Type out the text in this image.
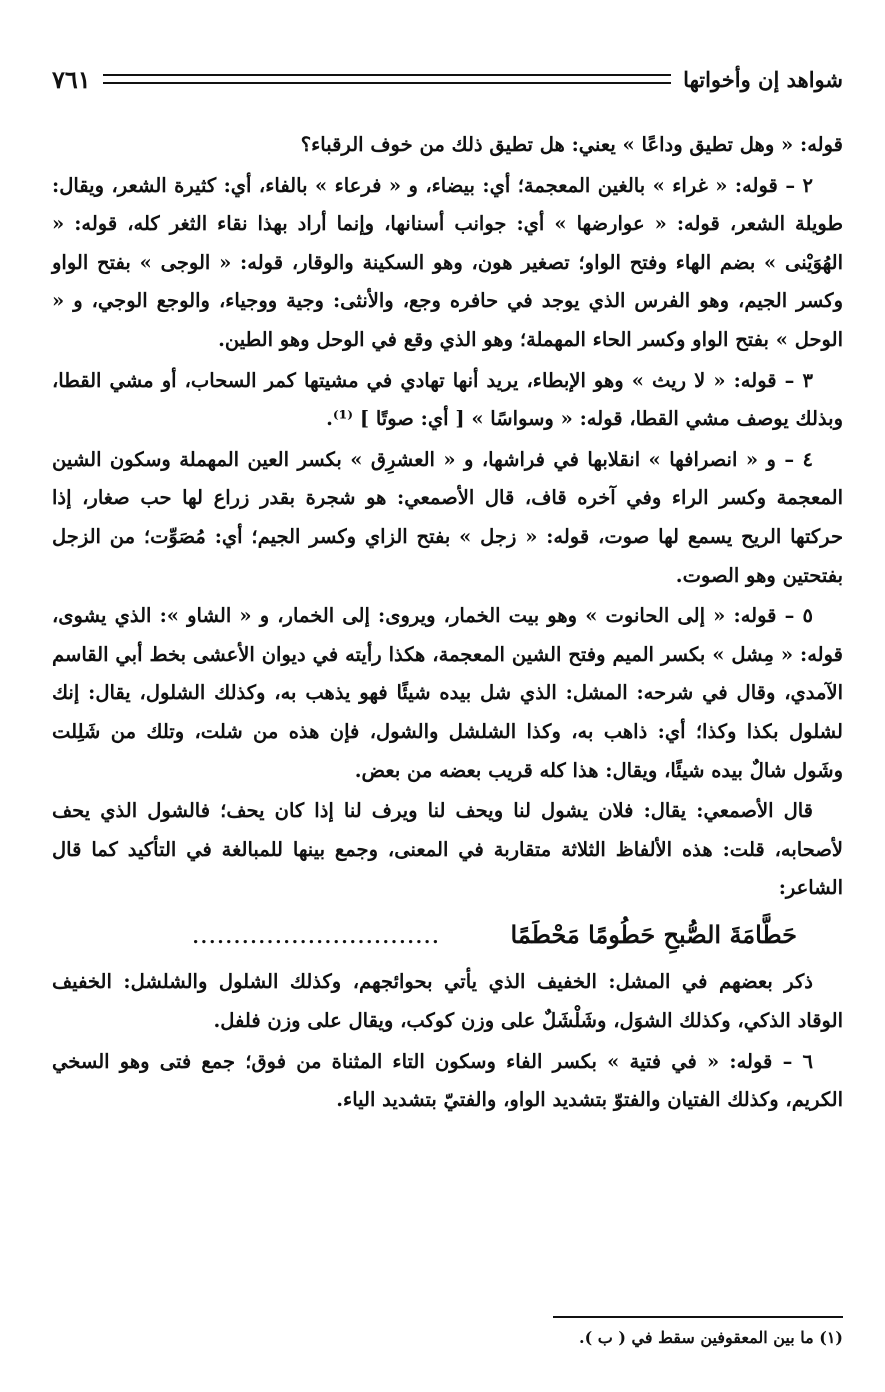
شواهد إن وأخواتها
٧٦١

قوله: « وهل تطيق وداعًا » يعني: هل تطيق ذلك من خوف الرقباء؟

٢ – قوله: « غراء » بالغين المعجمة؛ أي: بيضاء، و « فرعاء » بالفاء، أي: كثيرة الشعر، ويقال: طويلة الشعر، قوله: « عوارضها » أي: جوانب أسنانها، وإنما أراد بهذا نقاء الثغر كله، قوله: « الهُوَيْنى » بضم الهاء وفتح الواو؛ تصغير هون، وهو السكينة والوقار، قوله: « الوجى » بفتح الواو وكسر الجيم، وهو الفرس الذي يوجد في حافره وجع، والأنثى: وجية ووجياء، والوجع الوجي، و « الوحل » بفتح الواو وكسر الحاء المهملة؛ وهو الذي وقع في الوحل وهو الطين.

٣ – قوله: « لا ريث » وهو الإبطاء، يريد أنها تهادي في مشيتها كمر السحاب، أو مشي القطا، وبذلك يوصف مشي القطا، قوله: « وسواسًا » [ أي: صوتًا ] ⁽¹⁾.

٤ – و « انصرافها » انقلابها في فراشها، و « العشرِق » بكسر العين المهملة وسكون الشين المعجمة وكسر الراء وفي آخره قاف، قال الأصمعي: هو شجرة بقدر زراع لها حب صغار، إذا حركتها الريح يسمع لها صوت، قوله: « زجل » بفتح الزاي وكسر الجيم؛ أي: مُصَوِّت؛ من الزجل بفتحتين وهو الصوت.

٥ – قوله: « إلى الحانوت » وهو بيت الخمار، ويروى: إلى الخمار، و « الشاو »: الذي يشوى، قوله: « مِشل » بكسر الميم وفتح الشين المعجمة، هكذا رأيته في ديوان الأعشى بخط أبي القاسم الآمدي، وقال في شرحه: المشل: الذي شل بيده شيئًا فهو يذهب به، وكذلك الشلول، يقال: إنك لشلول بكذا وكذا؛ أي: ذاهب به، وكذا الشلشل والشول، فإن هذه من شلت، وتلك من شَلِلت وشَول شالٌ بيده شيئًا، ويقال: هذا كله قريب بعضه من بعض.

قال الأصمعي: يقال: فلان يشول لنا ويحف لنا ويرف لنا إذا كان يحف؛ فالشول الذي يحف لأصحابه، قلت: هذه الألفاظ الثلاثة متقاربة في المعنى، وجمع بينها للمبالغة في التأكيد كما قال الشاعر:

حَطَّامَةَ الصُّبحِ حَطُومًا مَحْطَمًا
..............................

ذكر بعضهم في المشل: الخفيف الذي يأتي بحوائجهم، وكذلك الشلول والشلشل: الخفيف الوقاد الذكي، وكذلك الشوَل، وشَلْشَلٌ على وزن كوكب، ويقال على وزن فلفل.

٦ – قوله: « في فتية » بكسر الفاء وسكون التاء المثناة من فوق؛ جمع فتى وهو السخي الكريم، وكذلك الفتيان والفتوّ بتشديد الواو، والفتيّ بتشديد الياء.

(١) ما بين المعقوفين سقط في ( ب ).
